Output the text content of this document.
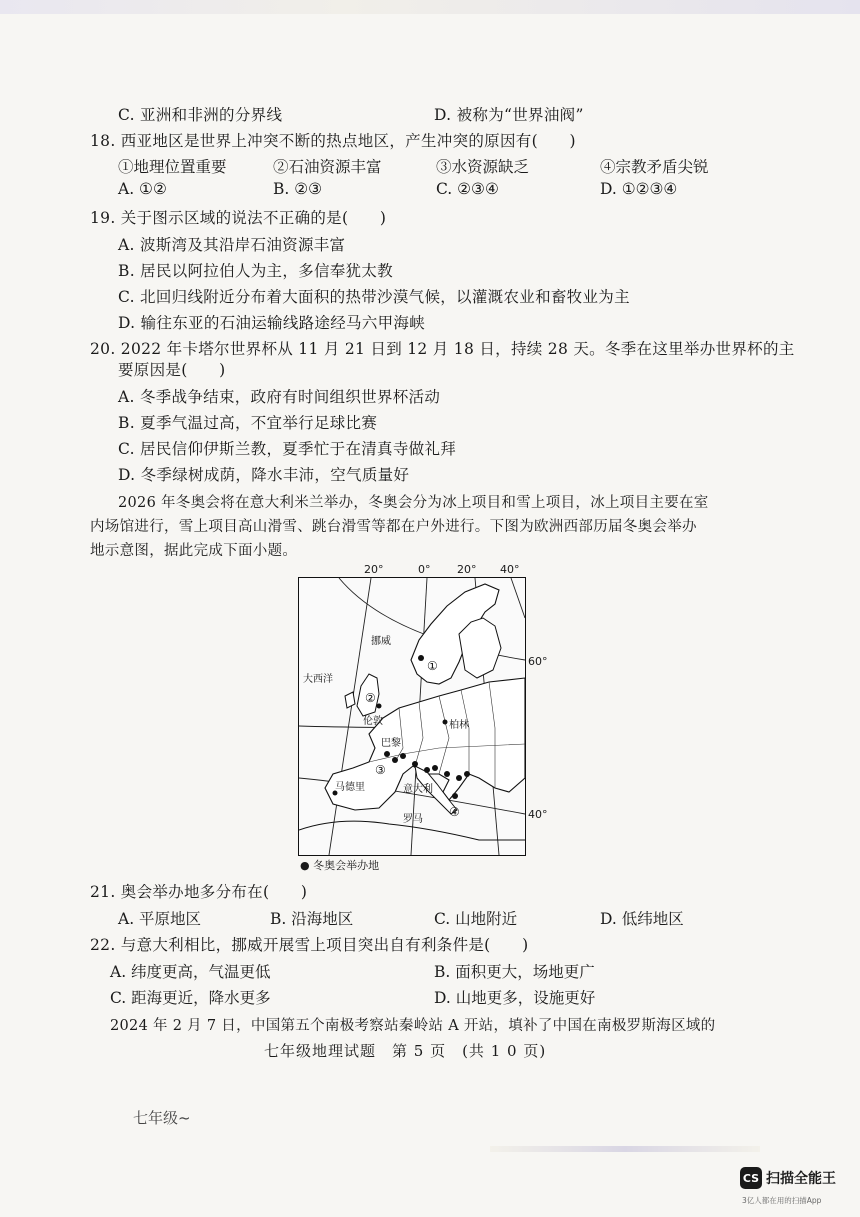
C. 亚洲和非洲的分界线	D. 被称为“世界油阀”
18. 西亚地区是世界上冲突不断的热点地区，产生冲突的原因有(　　)
①地理位置重要	②石油资源丰富	③水资源缺乏	④宗教矛盾尖锐
A. ①②	B. ②③	C. ②③④	D. ①②③④
19. 关于图示区域的说法不正确的是(　　)
A. 波斯湾及其沿岸石油资源丰富
B. 居民以阿拉伯人为主，多信奉犹太教
C. 北回归线附近分布着大面积的热带沙漠气候，以灌溉农业和畜牧业为主
D. 输往东亚的石油运输线路途经马六甲海峡
20. 2022 年卡塔尔世界杯从 11 月 21 日到 12 月 18 日，持续 28 天。冬季在这里举办世界杯的主
要原因是(　　)
A. 冬季战争结束，政府有时间组织世界杯活动
B. 夏季气温过高，不宜举行足球比赛
C. 居民信仰伊斯兰教，夏季忙于在清真寺做礼拜
D. 冬季绿树成荫，降水丰沛，空气质量好
2026 年冬奥会将在意大利米兰举办，冬奥会分为冰上项目和雪上项目，冰上项目主要在室
内场馆进行，雪上项目高山滑雪、跳台滑雪等都在户外进行。下图为欧洲西部历届冬奥会举办
地示意图，据此完成下面小题。
20°	0° 20° 40°
挪威
大西洋
伦敦	柏林
巴黎
马德里	意大利
罗马
①
②
③
④
60°
40°
● 冬奥会举办地
21. 奥会举办地多分布在(　　)
A. 平原地区	B. 沿海地区	C. 山地附近	D. 低纬地区
22. 与意大利相比，挪威开展雪上项目突出自有利条件是(　　)
A. 纬度更高，气温更低	B. 面积更大，场地更广
C. 距海更近，降水更多	D. 山地更多，设施更好
2024 年 2 月 7 日，中国第五个南极考察站秦岭站 A 开站，填补了中国在南极罗斯海区域的
七年级地理试题　第 5 页　(共 1 0 页)
七年级~
CS 扫描全能王
3亿人都在用的扫描App
